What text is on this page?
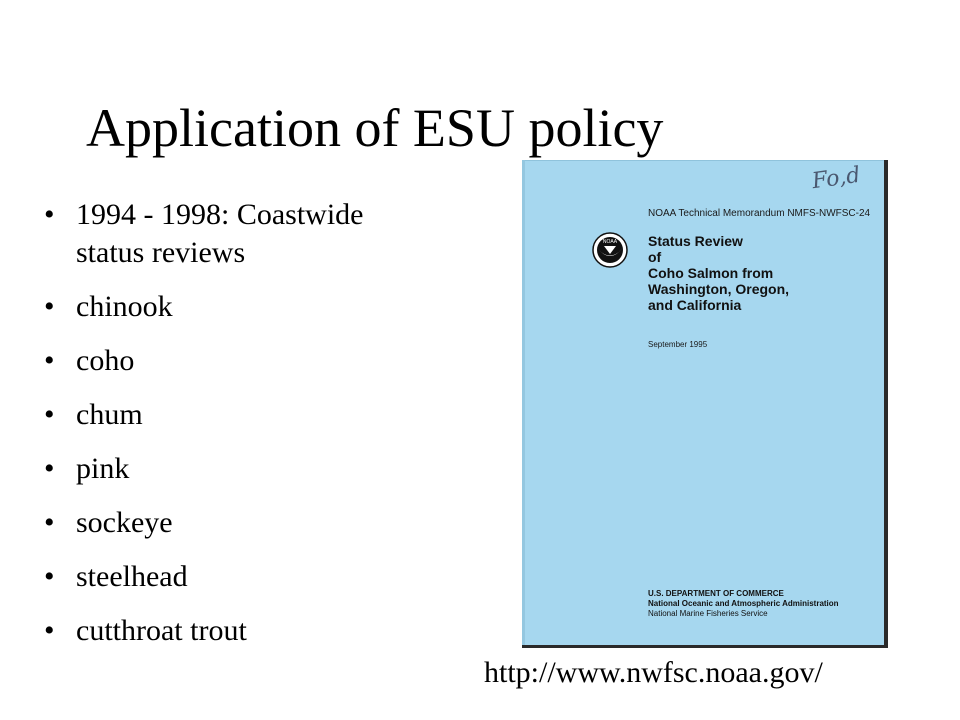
Application of ESU policy
• 1994 - 1998: Coastwide
status reviews
• chinook
• coho
• chum
• pink
• sockeye
• steelhead
• cutthroat trout
Fo,d
NOAA Technical Memorandum NMFS-NWFSC-24
NOAA Status Review
of
Coho Salmon from
Washington, Oregon,
and California
September 1995
U.S. DEPARTMENT OF COMMERCE
National Oceanic and Atmospheric Administration
National Marine Fisheries Service
http://www.nwfsc.noaa.gov/
